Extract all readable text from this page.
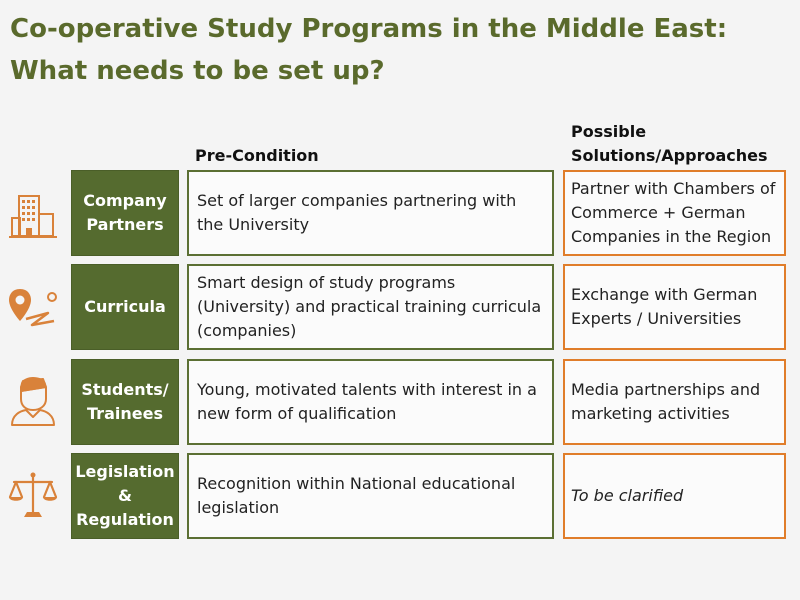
Co-operative Study Programs in the Middle East:
What needs to be set up?
Pre-Condition
Possible
Solutions/Approaches
Company
Partners
Set of larger companies partnering with the University
Partner with Chambers of Commerce + German Companies in the Region
Curricula
Smart design of study programs (University) and practical training curricula (companies)
Exchange with German Experts / Universities
Students/
Trainees
Young, motivated talents with interest in a new form of qualification
Media partnerships and marketing activities
Legislation
&
Regulation
Recognition within National educational legislation
To be clarified
